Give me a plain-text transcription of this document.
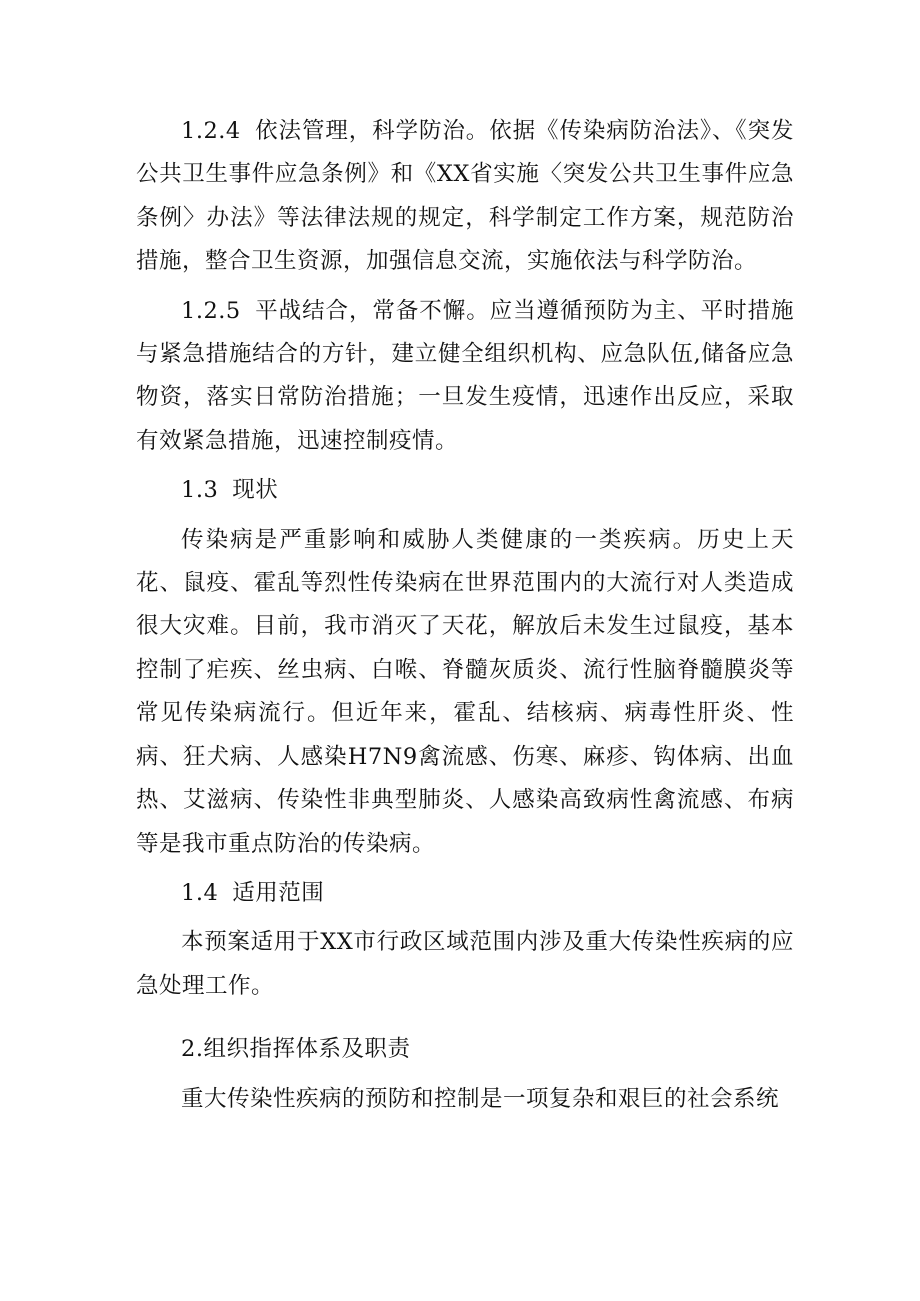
1.2.4 依法管理，科学防治。依据《传染病防治法》、《突发公共卫生事件应急条例》和《XX省实施〈突发公共卫生事件应急条例〉办法》等法律法规的规定，科学制定工作方案，规范防治措施，整合卫生资源，加强信息交流，实施依法与科学防治。

1.2.5 平战结合，常备不懈。应当遵循预防为主、平时措施与紧急措施结合的方针，建立健全组织机构、应急队伍,储备应急物资，落实日常防治措施；一旦发生疫情，迅速作出反应，采取有效紧急措施，迅速控制疫情。

1.3 现状

传染病是严重影响和威胁人类健康的一类疾病。历史上天花、鼠疫、霍乱等烈性传染病在世界范围内的大流行对人类造成很大灾难。目前，我市消灭了天花，解放后未发生过鼠疫，基本控制了疟疾、丝虫病、白喉、脊髓灰质炎、流行性脑脊髓膜炎等常见传染病流行。但近年来，霍乱、结核病、病毒性肝炎、性病、狂犬病、人感染H7N9禽流感、伤寒、麻疹、钩体病、出血热、艾滋病、传染性非典型肺炎、人感染高致病性禽流感、布病等是我市重点防治的传染病。

1.4 适用范围

本预案适用于XX市行政区域范围内涉及重大传染性疾病的应急处理工作。

2.组织指挥体系及职责

重大传染性疾病的预防和控制是一项复杂和艰巨的社会系统
